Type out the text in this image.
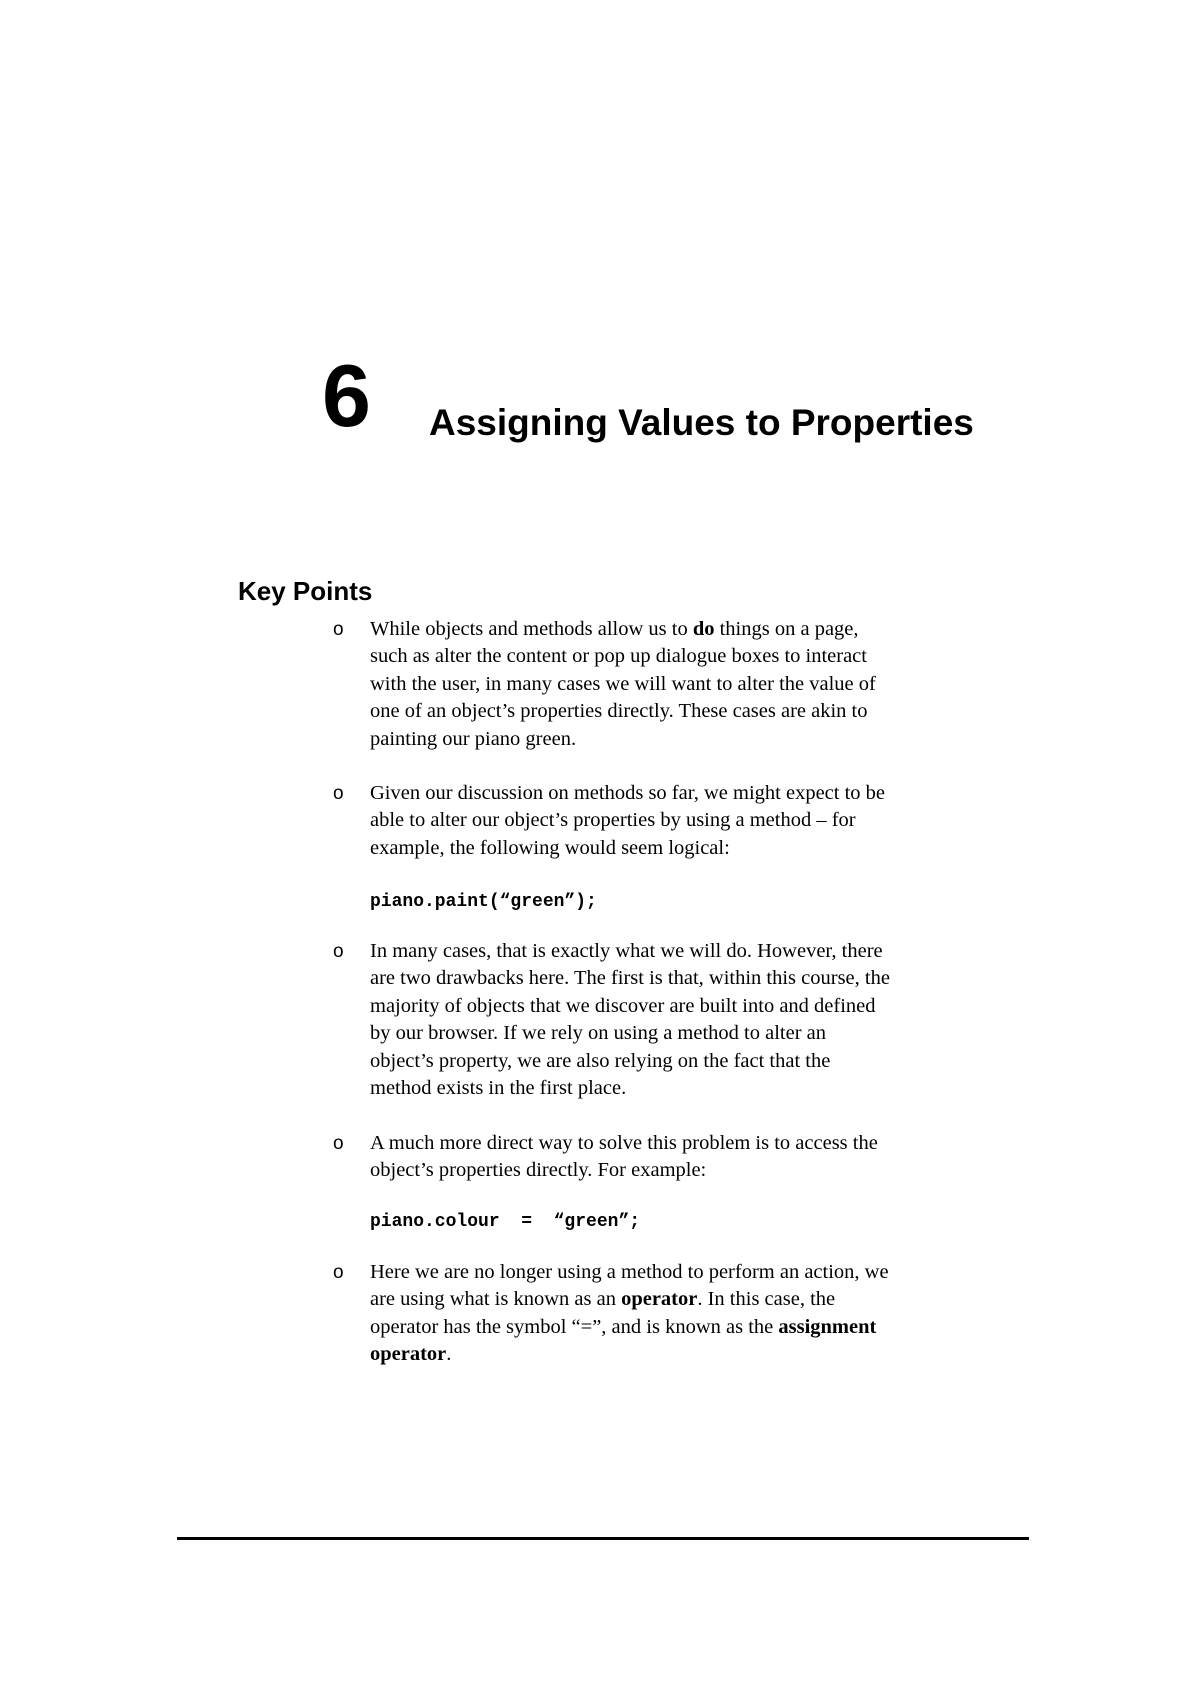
6 Assigning Values to Properties
Key Points
o While objects and methods allow us to do things on a page,
such as alter the content or pop up dialogue boxes to interact
with the user, in many cases we will want to alter the value of
one of an object’s properties directly. These cases are akin to
painting our piano green.
o Given our discussion on methods so far, we might expect to be
able to alter our object’s properties by using a method – for
example, the following would seem logical:
piano.paint(“green”);
o In many cases, that is exactly what we will do. However, there
are two drawbacks here. The first is that, within this course, the
majority of objects that we discover are built into and defined
by our browser. If we rely on using a method to alter an
object’s property, we are also relying on the fact that the
method exists in the first place.
o A much more direct way to solve this problem is to access the
object’s properties directly. For example:
piano.colour  =  “green”;
o Here we are no longer using a method to perform an action, we
are using what is known as an operator. In this case, the
operator has the symbol “=”, and is known as the assignment
operator.
